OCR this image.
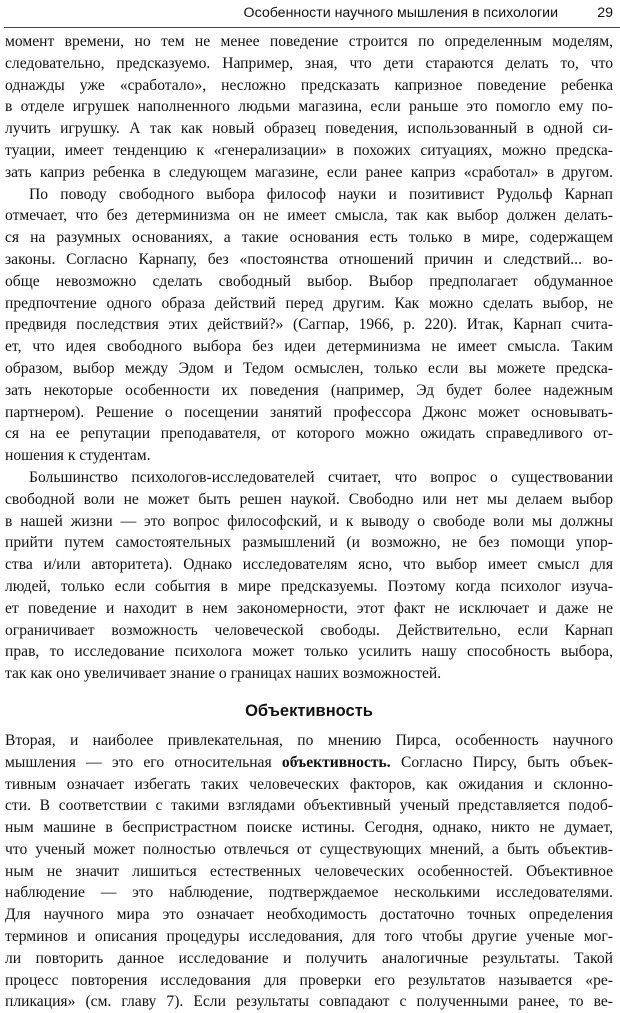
Особенности научного мышления в психологии	29

момент времени, но тем не менее поведение строится по определенным моделям,

следовательно, предсказуемо. Например, зная, что дети стараются делать то, что

однажды уже «сработало», несложно предсказать капризное поведение ребенка

в отделе игрушек наполненного людьми магазина, если раньше это помогло ему по-

лучить игрушку. А так как новый образец поведения, использованный в одной си-

туации, имеет тенденцию к «генерализации» в похожих ситуациях, можно предска-

зать каприз ребенка в следующем магазине, если ранее каприз «сработал» в другом.

По поводу свободного выбора философ науки и позитивист Рудольф Карнап

отмечает, что без детерминизма он не имеет смысла, так как выбор должен делать-

ся на разумных основаниях, а такие основания есть только в мире, содержащем

законы. Согласно Карнапу, без «постоянства отношений причин и следствий... во-

обще невозможно сделать свободный выбор. Выбор предполагает обдуманное

предпочтение одного образа действий перед другим. Как можно сделать выбор, не

предвидя последствия этих действий?» (Сагпар, 1966, р. 220). Итак, Карнап счита-

ет, что идея свободного выбора без идеи детерминизма не имеет смысла. Таким

образом, выбор между Эдом и Тедом осмыслен, только если вы можете предска-

зать некоторые особенности их поведения (например, Эд будет более надежным

партнером). Решение о посещении занятий профессора Джонс может основывать-

ся на ее репутации преподавателя, от которого можно ожидать справедливого от-

ношения к студентам.

Большинство психологов-исследователей считает, что вопрос о существовании

свободной воли не может быть решен наукой. Свободно или нет мы делаем выбор

в нашей жизни — это вопрос философский, и к выводу о свободе воли мы должны

прийти путем самостоятельных размышлений (и возможно, не без помощи упор-

ства и/или авторитета). Однако исследователям ясно, что выбор имеет смысл для

людей, только если события в мире предсказуемы. Поэтому когда психолог изуча-

ет поведение и находит в нем закономерности, этот факт не исключает и даже не

ограничивает возможность человеческой свободы. Действительно, если Карнап

прав, то исследование психолога может только усилить нашу способность выбора,

так как оно увеличивает знание о границах наших возможностей.

Объективность

Вторая, и наиболее привлекательная, по мнению Пирса, особенность научного

мышления — это его относительная объективность. Согласно Пирсу, быть объек-

тивным означает избегать таких человеческих факторов, как ожидания и склонно-

сти. В соответствии с такими взглядами объективный ученый представляется подоб-

ным машине в беспристрастном поиске истины. Сегодня, однако, никто не думает,

что ученый может полностью отвлечься от существующих мнений, а быть объектив-

ным не значит лишиться естественных человеческих особенностей. Объективное

наблюдение — это наблюдение, подтверждаемое несколькими исследователями.

Для научного мира это означает необходимость достаточно точных определения

терминов и описания процедуры исследования, для того чтобы другие ученые мог-

ли повторить данное исследование и получить аналогичные результаты. Такой

процесс повторения исследования для проверки его результатов называется «ре-

пликация» (см. главу 7). Если результаты совпадают с полученными ранее, то ве-
